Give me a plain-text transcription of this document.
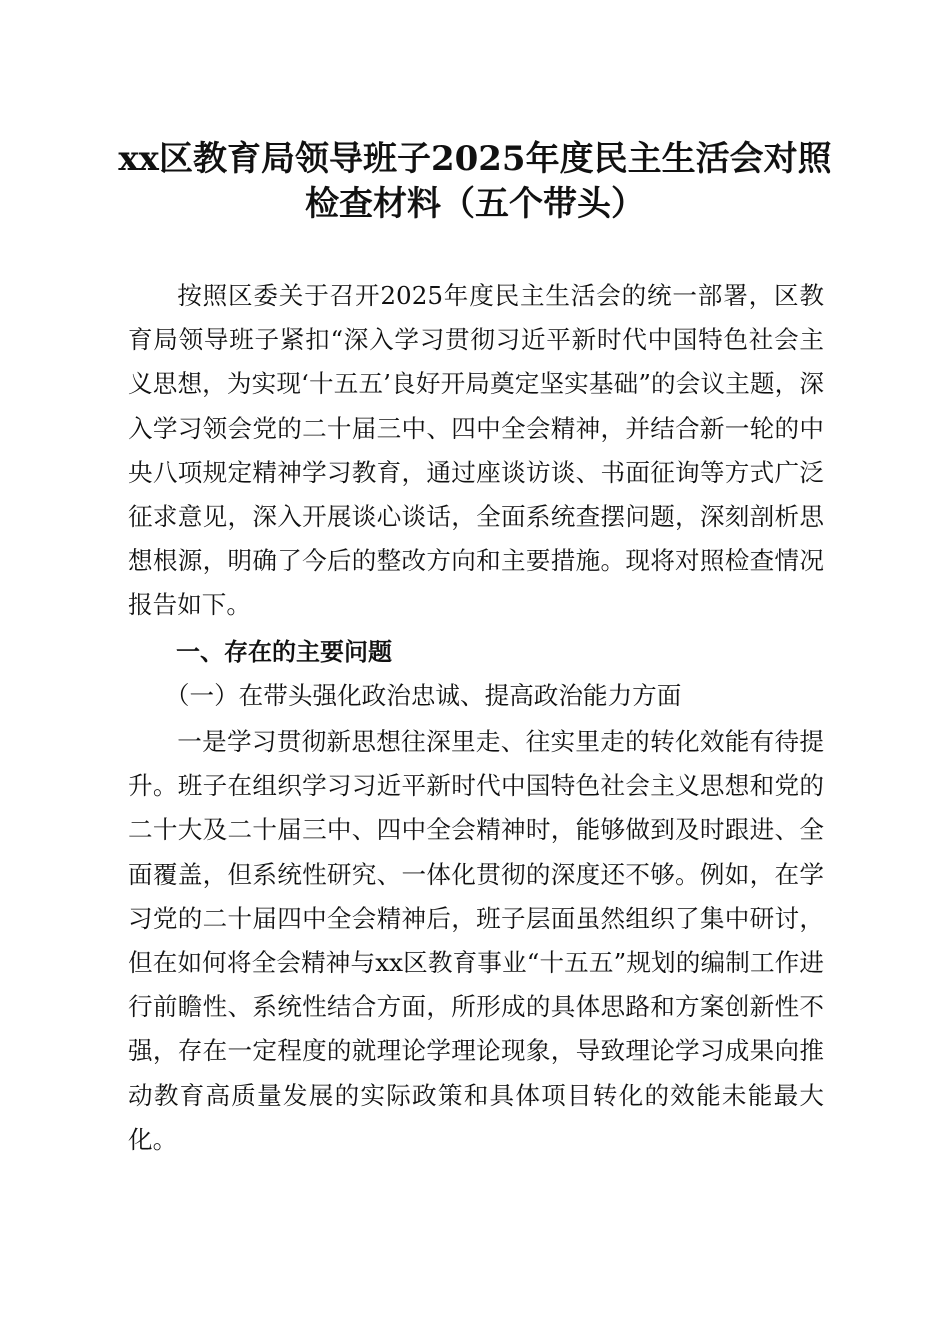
xx区教育局领导班子2025年度民主生活会对照检查材料（五个带头）

按照区委关于召开2025年度民主生活会的统一部署，区教育局领导班子紧扣“深入学习贯彻习近平新时代中国特色社会主义思想，为实现‘十五五’良好开局奠定坚实基础”的会议主题，深入学习领会党的二十届三中、四中全会精神，并结合新一轮的中央八项规定精神学习教育，通过座谈访谈、书面征询等方式广泛征求意见，深入开展谈心谈话，全面系统查摆问题，深刻剖析思想根源，明确了今后的整改方向和主要措施。现将对照检查情况报告如下。

一、存在的主要问题

（一）在带头强化政治忠诚、提高政治能力方面

一是学习贯彻新思想往深里走、往实里走的转化效能有待提升。班子在组织学习习近平新时代中国特色社会主义思想和党的二十大及二十届三中、四中全会精神时，能够做到及时跟进、全面覆盖，但系统性研究、一体化贯彻的深度还不够。例如，在学习党的二十届四中全会精神后，班子层面虽然组织了集中研讨，但在如何将全会精神与xx区教育事业“十五五”规划的编制工作进行前瞻性、系统性结合方面，所形成的具体思路和方案创新性不强，存在一定程度的就理论学理论现象，导致理论学习成果向推动教育高质量发展的实际政策和具体项目转化的效能未能最大化。
